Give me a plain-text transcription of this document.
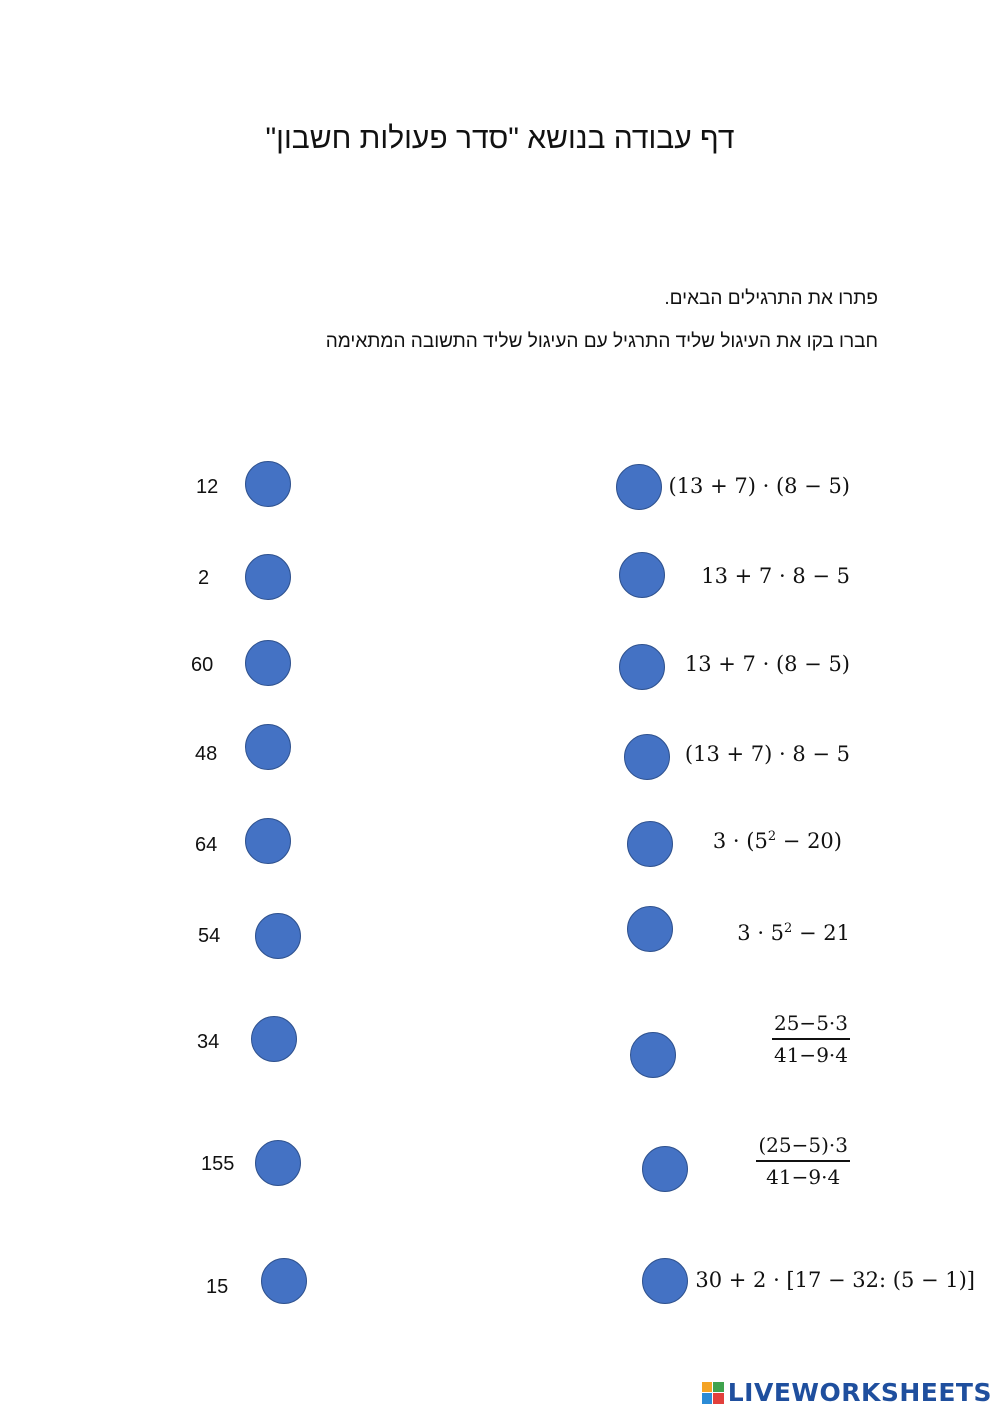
דף עבודה בנושא "סדר פעולות חשבון"
פתרו את התרגילים הבאים.
חברו בקו את העיגול שליד התרגיל עם העיגול שליד התשובה המתאימה
12
2
60
48
64
54
34
155
15
(13 + 7) · (8 − 5)
13 + 7 · 8 − 5
13 + 7 · (8 − 5)
(13 + 7) · 8 − 5
$3 \cdot (5^2 - 20)$
$3 \cdot 5^2 - 21$
$\frac{25-5\cdot 3}{41-9\cdot 4}$
$\frac{(25-5)\cdot 3}{41-9\cdot 4}$
30 + 2 · [17 − 32: (5 − 1)]
LIVEWORKSHEETS
